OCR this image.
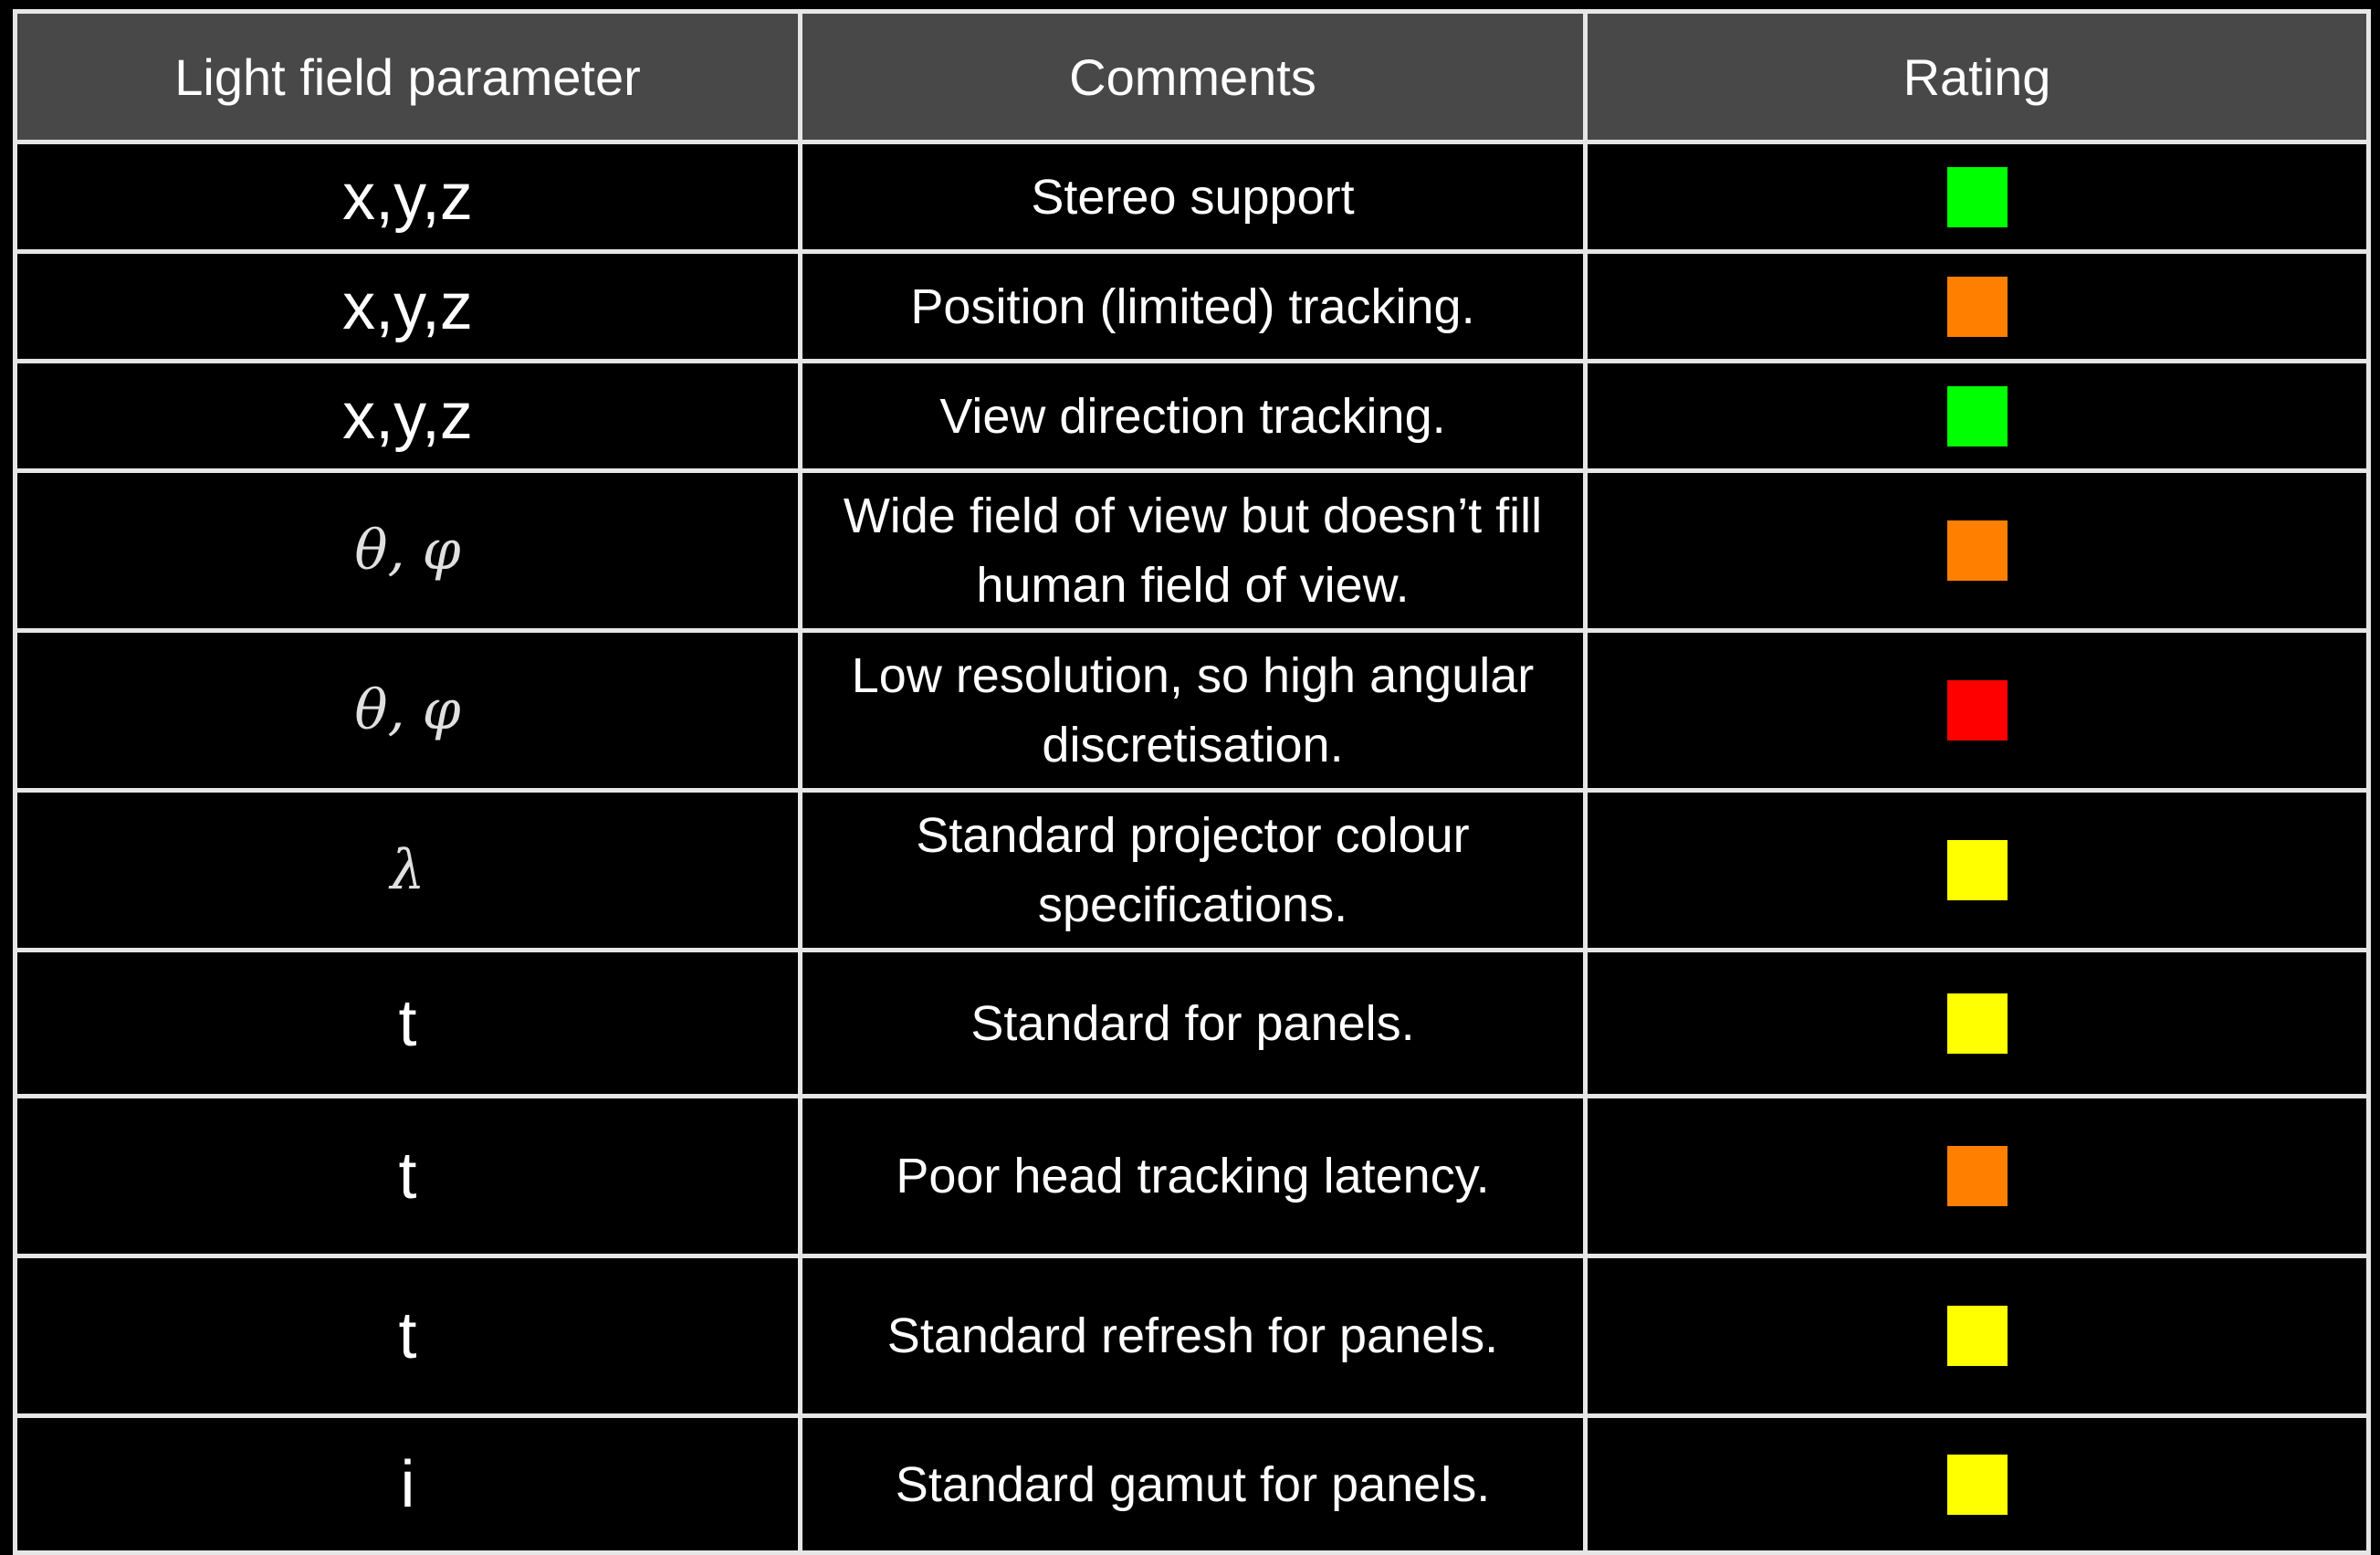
Light field parameter	Comments	Rating
x,y,z	Stereo support	
x,y,z	Position (limited) tracking.	
x,y,z	View direction tracking.	
θ, φ	Wide field of view but doesn’t fill human field of view.	
θ, φ	Low resolution, so high angular discretisation.	
λ	Standard projector colour specifications.	
t	Standard for panels.	
t	Poor head tracking latency.	
t	Standard refresh for panels.	
i	Standard gamut for panels.	
